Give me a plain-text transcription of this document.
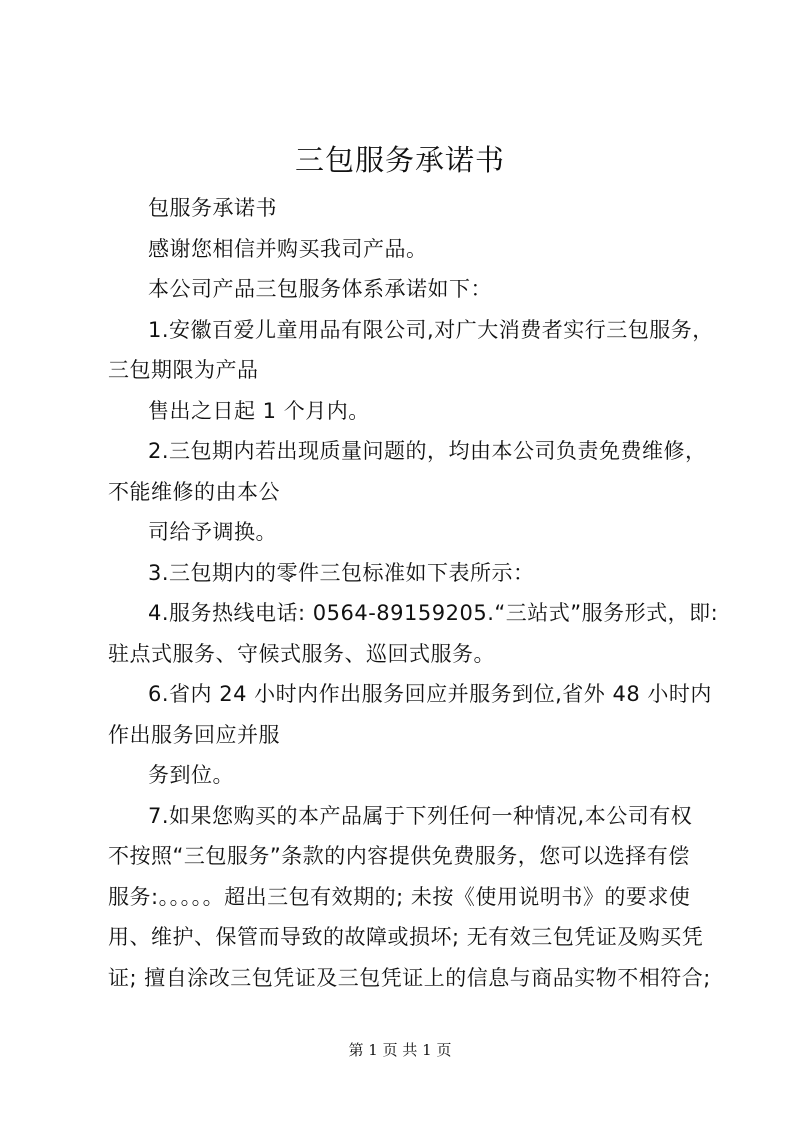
三包服务承诺书
包服务承诺书
感谢您相信并购买我司产品。
本公司产品三包服务体系承诺如下：
1.安徽百爱儿童用品有限公司,对广大消费者实行三包服务，
三包期限为产品
售出之日起 1 个月内。
2.三包期内若出现质量问题的，均由本公司负责免费维修，
不能维修的由本公
司给予调换。
3.三包期内的零件三包标准如下表所示：
4.服务热线电话: 0564-89159205.“三站式”服务形式，即:
驻点式服务、守候式服务、巡回式服务。
6.省内 24 小时内作出服务回应并服务到位,省外 48 小时内
作出服务回应并服
务到位。
7.如果您购买的本产品属于下列任何一种情况,本公司有权
不按照“三包服务”条款的内容提供免费服务，您可以选择有偿
服务:。。。。。超出三包有效期的; 未按《使用说明书》的要求使
用、维护、保管而导致的故障或损坏; 无有效三包凭证及购买凭
证; 擅自涂改三包凭证及三包凭证上的信息与商品实物不相符合;
第 1 页 共 1 页
